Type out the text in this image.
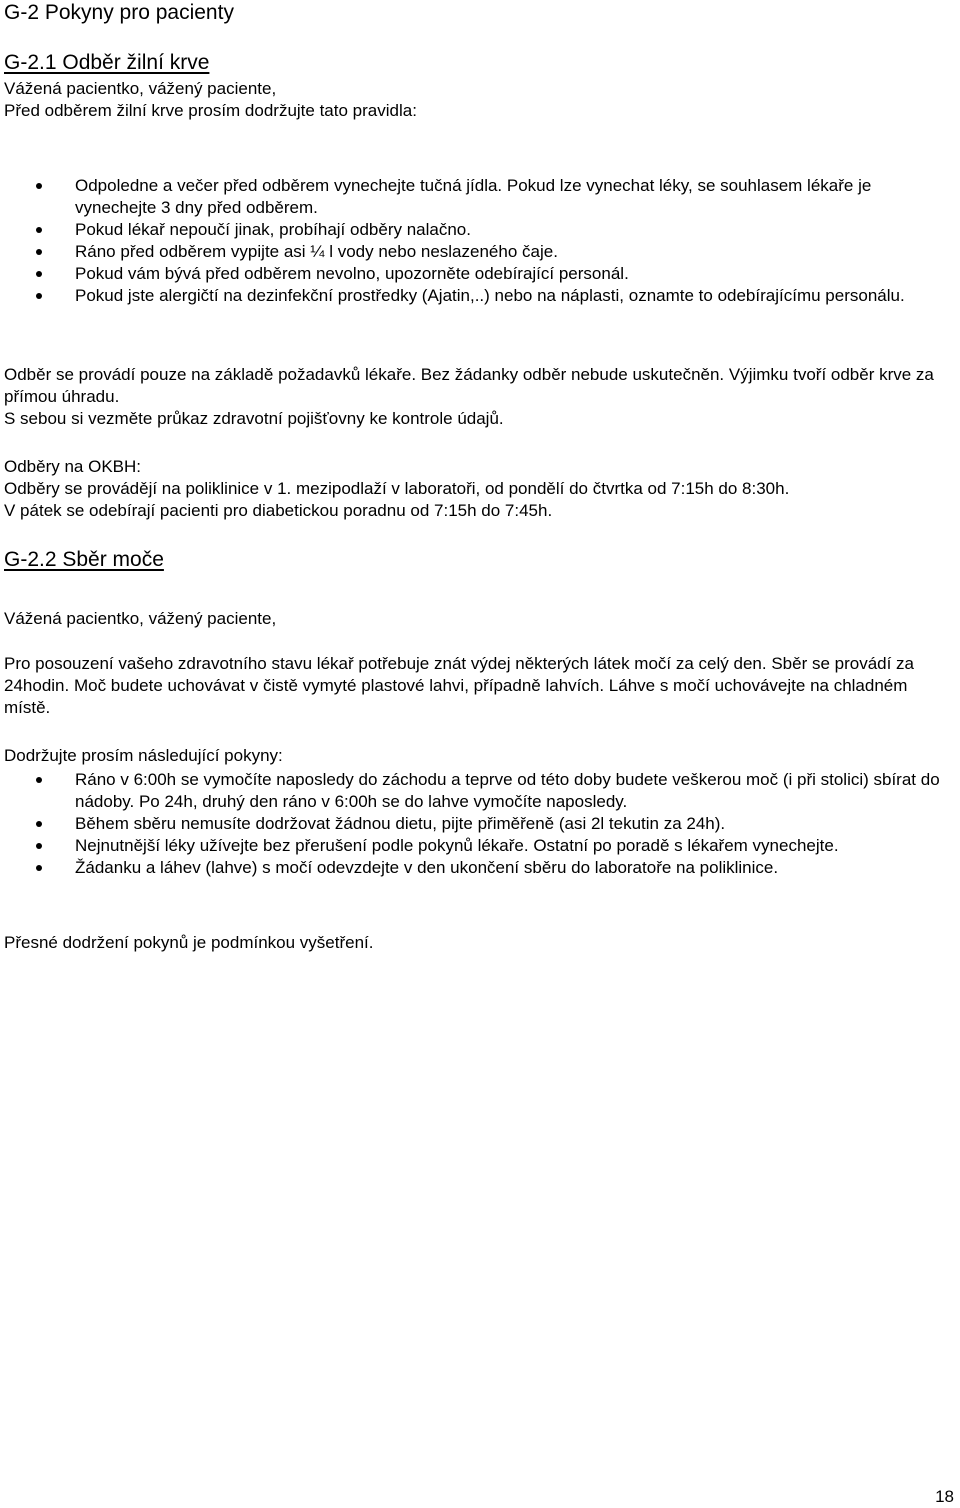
G-2 Pokyny pro pacienty
G-2.1 Odběr žilní krve

Vážená pacientko, vážený paciente,

Před odběrem žilní krve prosím dodržujte tato pravidla:

Odpoledne a večer před odběrem vynechejte tučná jídla. Pokud lze vynechat léky, se souhlasem lékaře je vynechejte 3 dny před odběrem.
Pokud lékař nepoučí jinak, probíhají odběry nalačno.
Ráno před odběrem vypijte asi ¼ l vody nebo neslazeného čaje.
Pokud vám bývá před odběrem nevolno, upozorněte odebírající personál.
Pokud jste alergičtí na dezinfekční prostředky (Ajatin,..) nebo na náplasti, oznamte to odebírajícímu personálu.

Odběr se provádí pouze na základě požadavků lékaře. Bez žádanky odběr nebude uskutečněn. Výjimku tvoří odběr krve za přímou úhradu.

S sebou si vezměte průkaz zdravotní pojišťovny ke kontrole údajů.

Odběry na OKBH:

Odběry se provádějí na poliklinice v 1. mezipodlaží v laboratoři, od pondělí do čtvrtka od 7:15h do 8:30h.

V pátek se odebírají pacienti pro diabetickou poradnu od 7:15h do 7:45h.

G-2.2 Sběr moče

Vážená pacientko, vážený paciente,

Pro posouzení vašeho zdravotního stavu lékař potřebuje znát výdej některých látek močí za celý den. Sběr se provádí za 24hodin. Moč budete uchovávat v čistě vymyté plastové lahvi, případně lahvích. Láhve s močí uchovávejte na chladném místě.

Dodržujte prosím následující pokyny:

Ráno v 6:00h se vymočíte naposledy do záchodu a teprve od této doby budete veškerou moč (i při stolici) sbírat do nádoby. Po 24h, druhý den ráno v 6:00h se do lahve vymočíte naposledy.
Během sběru nemusíte dodržovat žádnou dietu, pijte přiměřeně (asi 2l tekutin za 24h).
Nejnutnější léky užívejte bez přerušení podle pokynů lékaře. Ostatní po poradě s lékařem vynechejte.
Žádanku a láhev (lahve) s močí odevzdejte v den ukončení sběru do laboratoře na poliklinice.

Přesné dodržení pokynů je podmínkou vyšetření.

18
